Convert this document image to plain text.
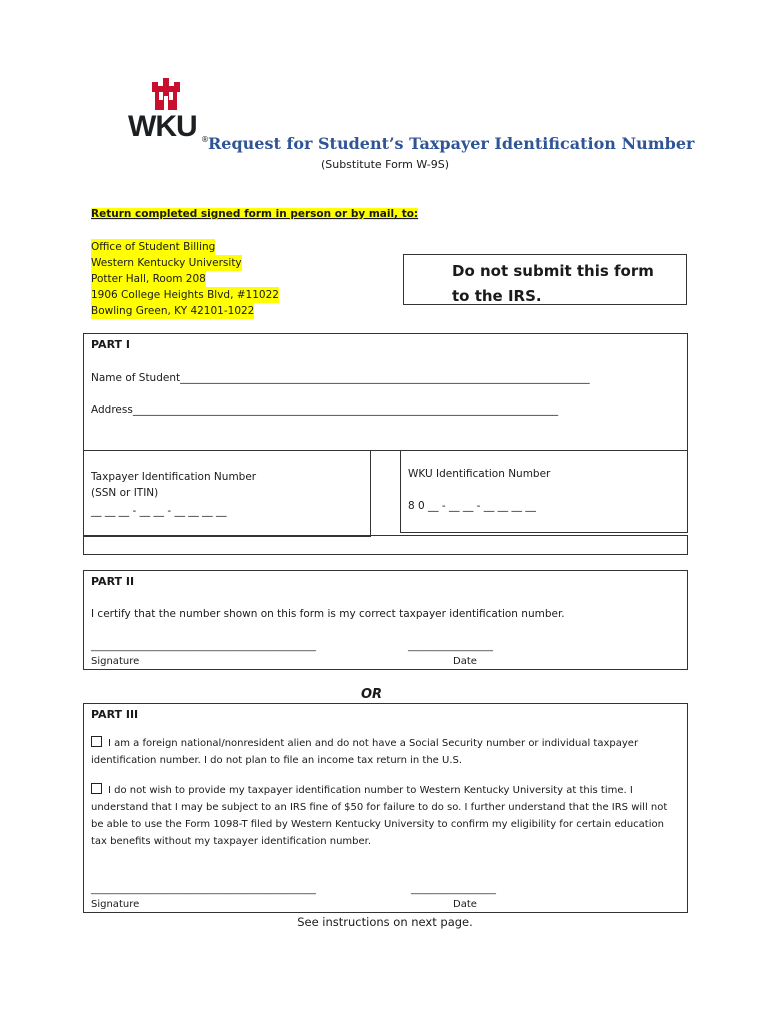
WKU ® Request for Student’s Taxpayer Identification Number
(Substitute Form W-9S)
Return completed signed form in person or by mail, to:
Office of Student Billing
Western Kentucky University
Potter Hall, Room 208
1906 College Heights Blvd, #11022
Bowling Green, KY 42101-1022
Do not submit this form
to the IRS.
PART I
Name of Student______________________________________________________________________________
Address_________________________________________________________________________________
Taxpayer Identification Number
(SSN or ITIN)
__ __ __ - __ __ - __ __ __ __
WKU Identification Number
8 0 __ - __ __ - __ __ __ __
PART II
I certify that the number shown on this form is my correct taxpayer identification number.
_____________________________________________	_________________
Signature	Date
OR
PART III
I am a foreign national/nonresident alien and do not have a Social Security number or individual taxpayer
identification number. I do not plan to file an income tax return in the U.S.
I do not wish to provide my taxpayer identification number to Western Kentucky University at this time. I
understand that I may be subject to an IRS fine of $50 for failure to do so. I further understand that the IRS will not
be able to use the Form 1098-T filed by Western Kentucky University to confirm my eligibility for certain education
tax benefits without my taxpayer identification number.
_____________________________________________	_________________
Signature	Date
See instructions on next page.
